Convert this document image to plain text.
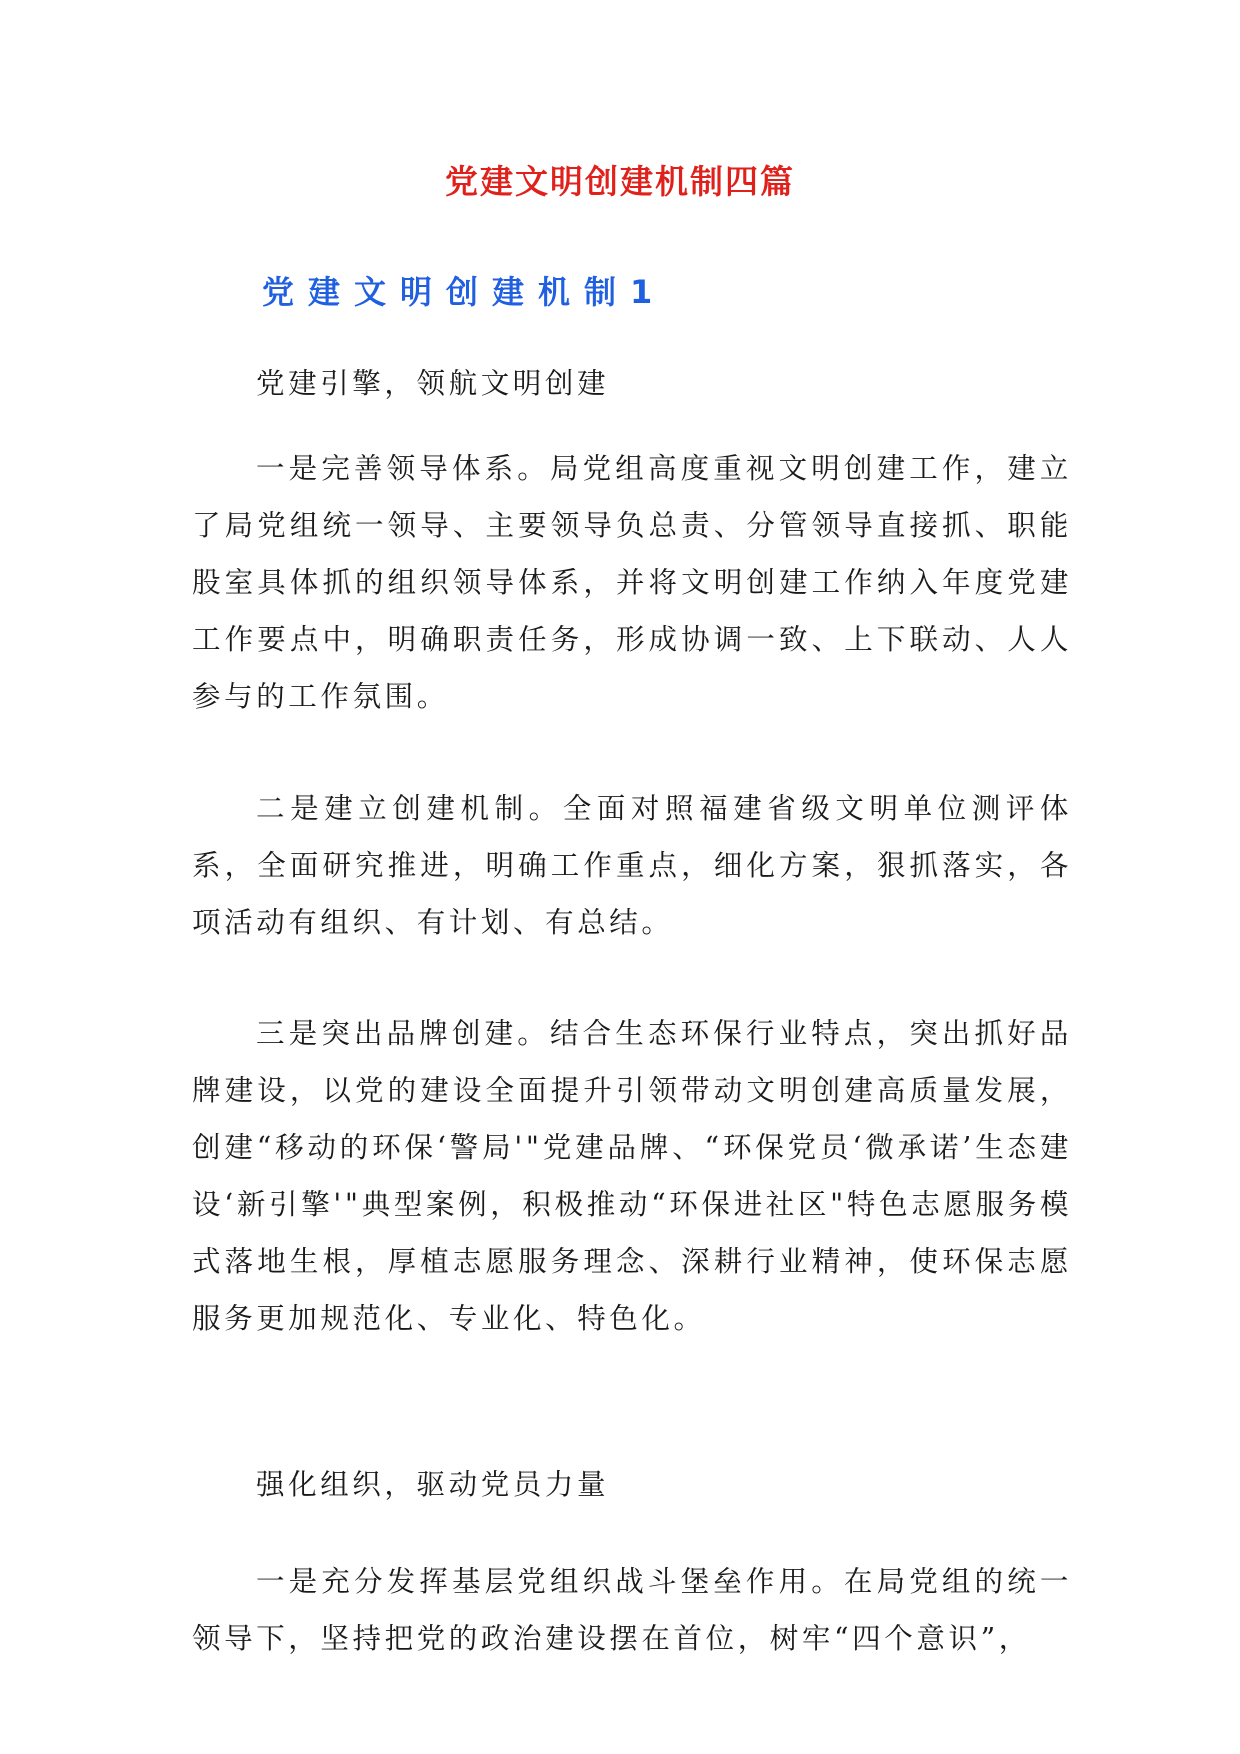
党建文明创建机制四篇
党建文明创建机制1

党建引擎，领航文明创建

一是完善领导体系。局党组高度重视文明创建工作，建立了局党组统一领导、主要领导负总责、分管领导直接抓、职能股室具体抓的组织领导体系，并将文明创建工作纳入年度党建工作要点中，明确职责任务，形成协调一致、上下联动、人人参与的工作氛围。

二是建立创建机制。全面对照福建省级文明单位测评体系，全面研究推进，明确工作重点，细化方案，狠抓落实，各项活动有组织、有计划、有总结。

三是突出品牌创建。结合生态环保行业特点，突出抓好品牌建设，以党的建设全面提升引领带动文明创建高质量发展，创建“移动的环保‘警局'"党建品牌、“环保党员‘微承诺’生态建设‘新引擎'"典型案例，积极推动“环保进社区"特色志愿服务模式落地生根，厚植志愿服务理念、深耕行业精神，使环保志愿服务更加规范化、专业化、特色化。

强化组织，驱动党员力量

一是充分发挥基层党组织战斗堡垒作用。在局党组的统一领导下，坚持把党的政治建设摆在首位，树牢“四个意识”，
